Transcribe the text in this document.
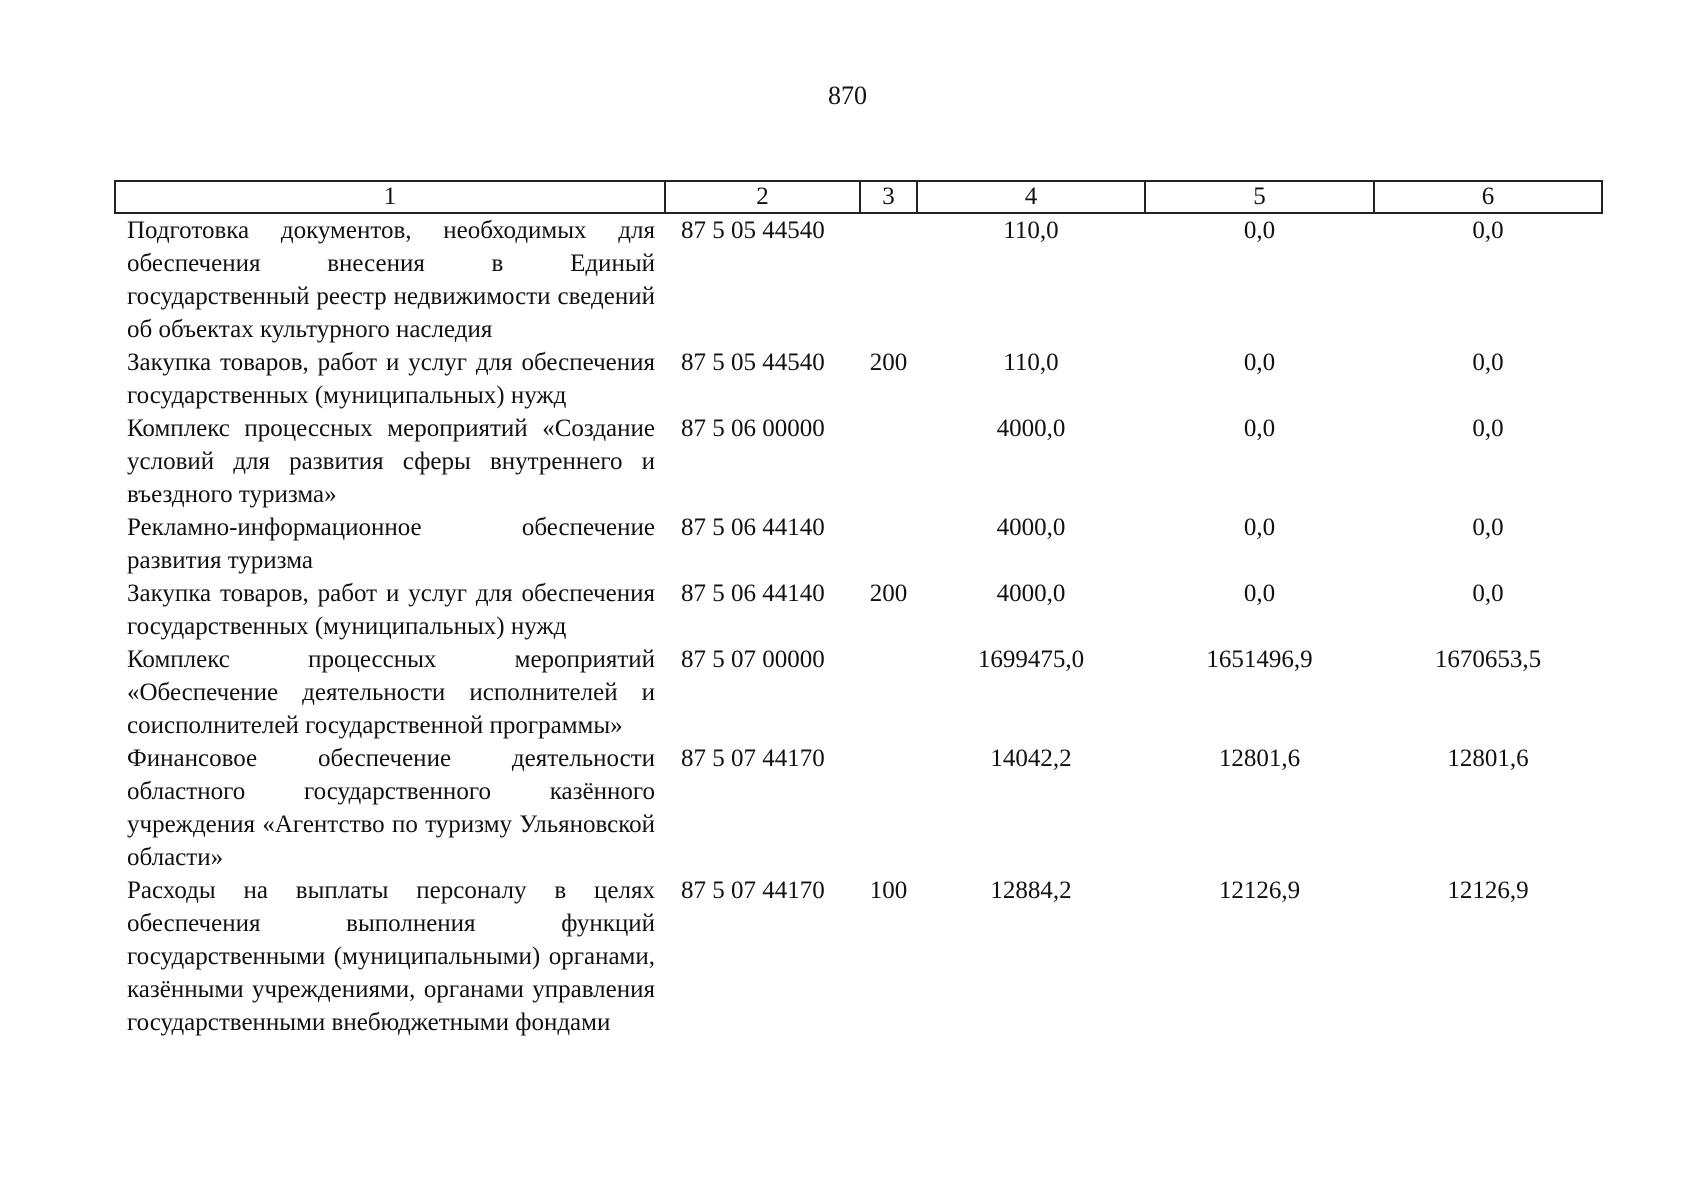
870
1	2	3	4	5	6
Подготовка документов, необходимых для обеспечения внесения в Единый государственный реестр недвижимости сведений об объектах культурного наследия	87 5 05 44540		110,0	0,0	0,0
Закупка товаров, работ и услуг для обеспечения государственных (муниципальных) нужд	87 5 05 44540	200	110,0	0,0	0,0
Комплекс процессных мероприятий «Создание условий для развития сферы внутреннего и въездного туризма»	87 5 06 00000		4000,0	0,0	0,0
Рекламно-информационное обеспечение развития туризма	87 5 06 44140		4000,0	0,0	0,0
Закупка товаров, работ и услуг для обеспечения государственных (муниципальных) нужд	87 5 06 44140	200	4000,0	0,0	0,0
Комплекс процессных мероприятий «Обеспечение деятельности исполнителей и соисполнителей государственной программы»	87 5 07 00000		1699475,0	1651496,9	1670653,5
Финансовое обеспечение деятельности областного государственного казённого учреждения «Агентство по туризму Ульяновской области»	87 5 07 44170		14042,2	12801,6	12801,6
Расходы на выплаты персоналу в целях обеспечения выполнения функций государственными (муниципальными) органами, казёнными учреждениями, органами управления государственными внебюджетными фондами	87 5 07 44170	100	12884,2	12126,9	12126,9
